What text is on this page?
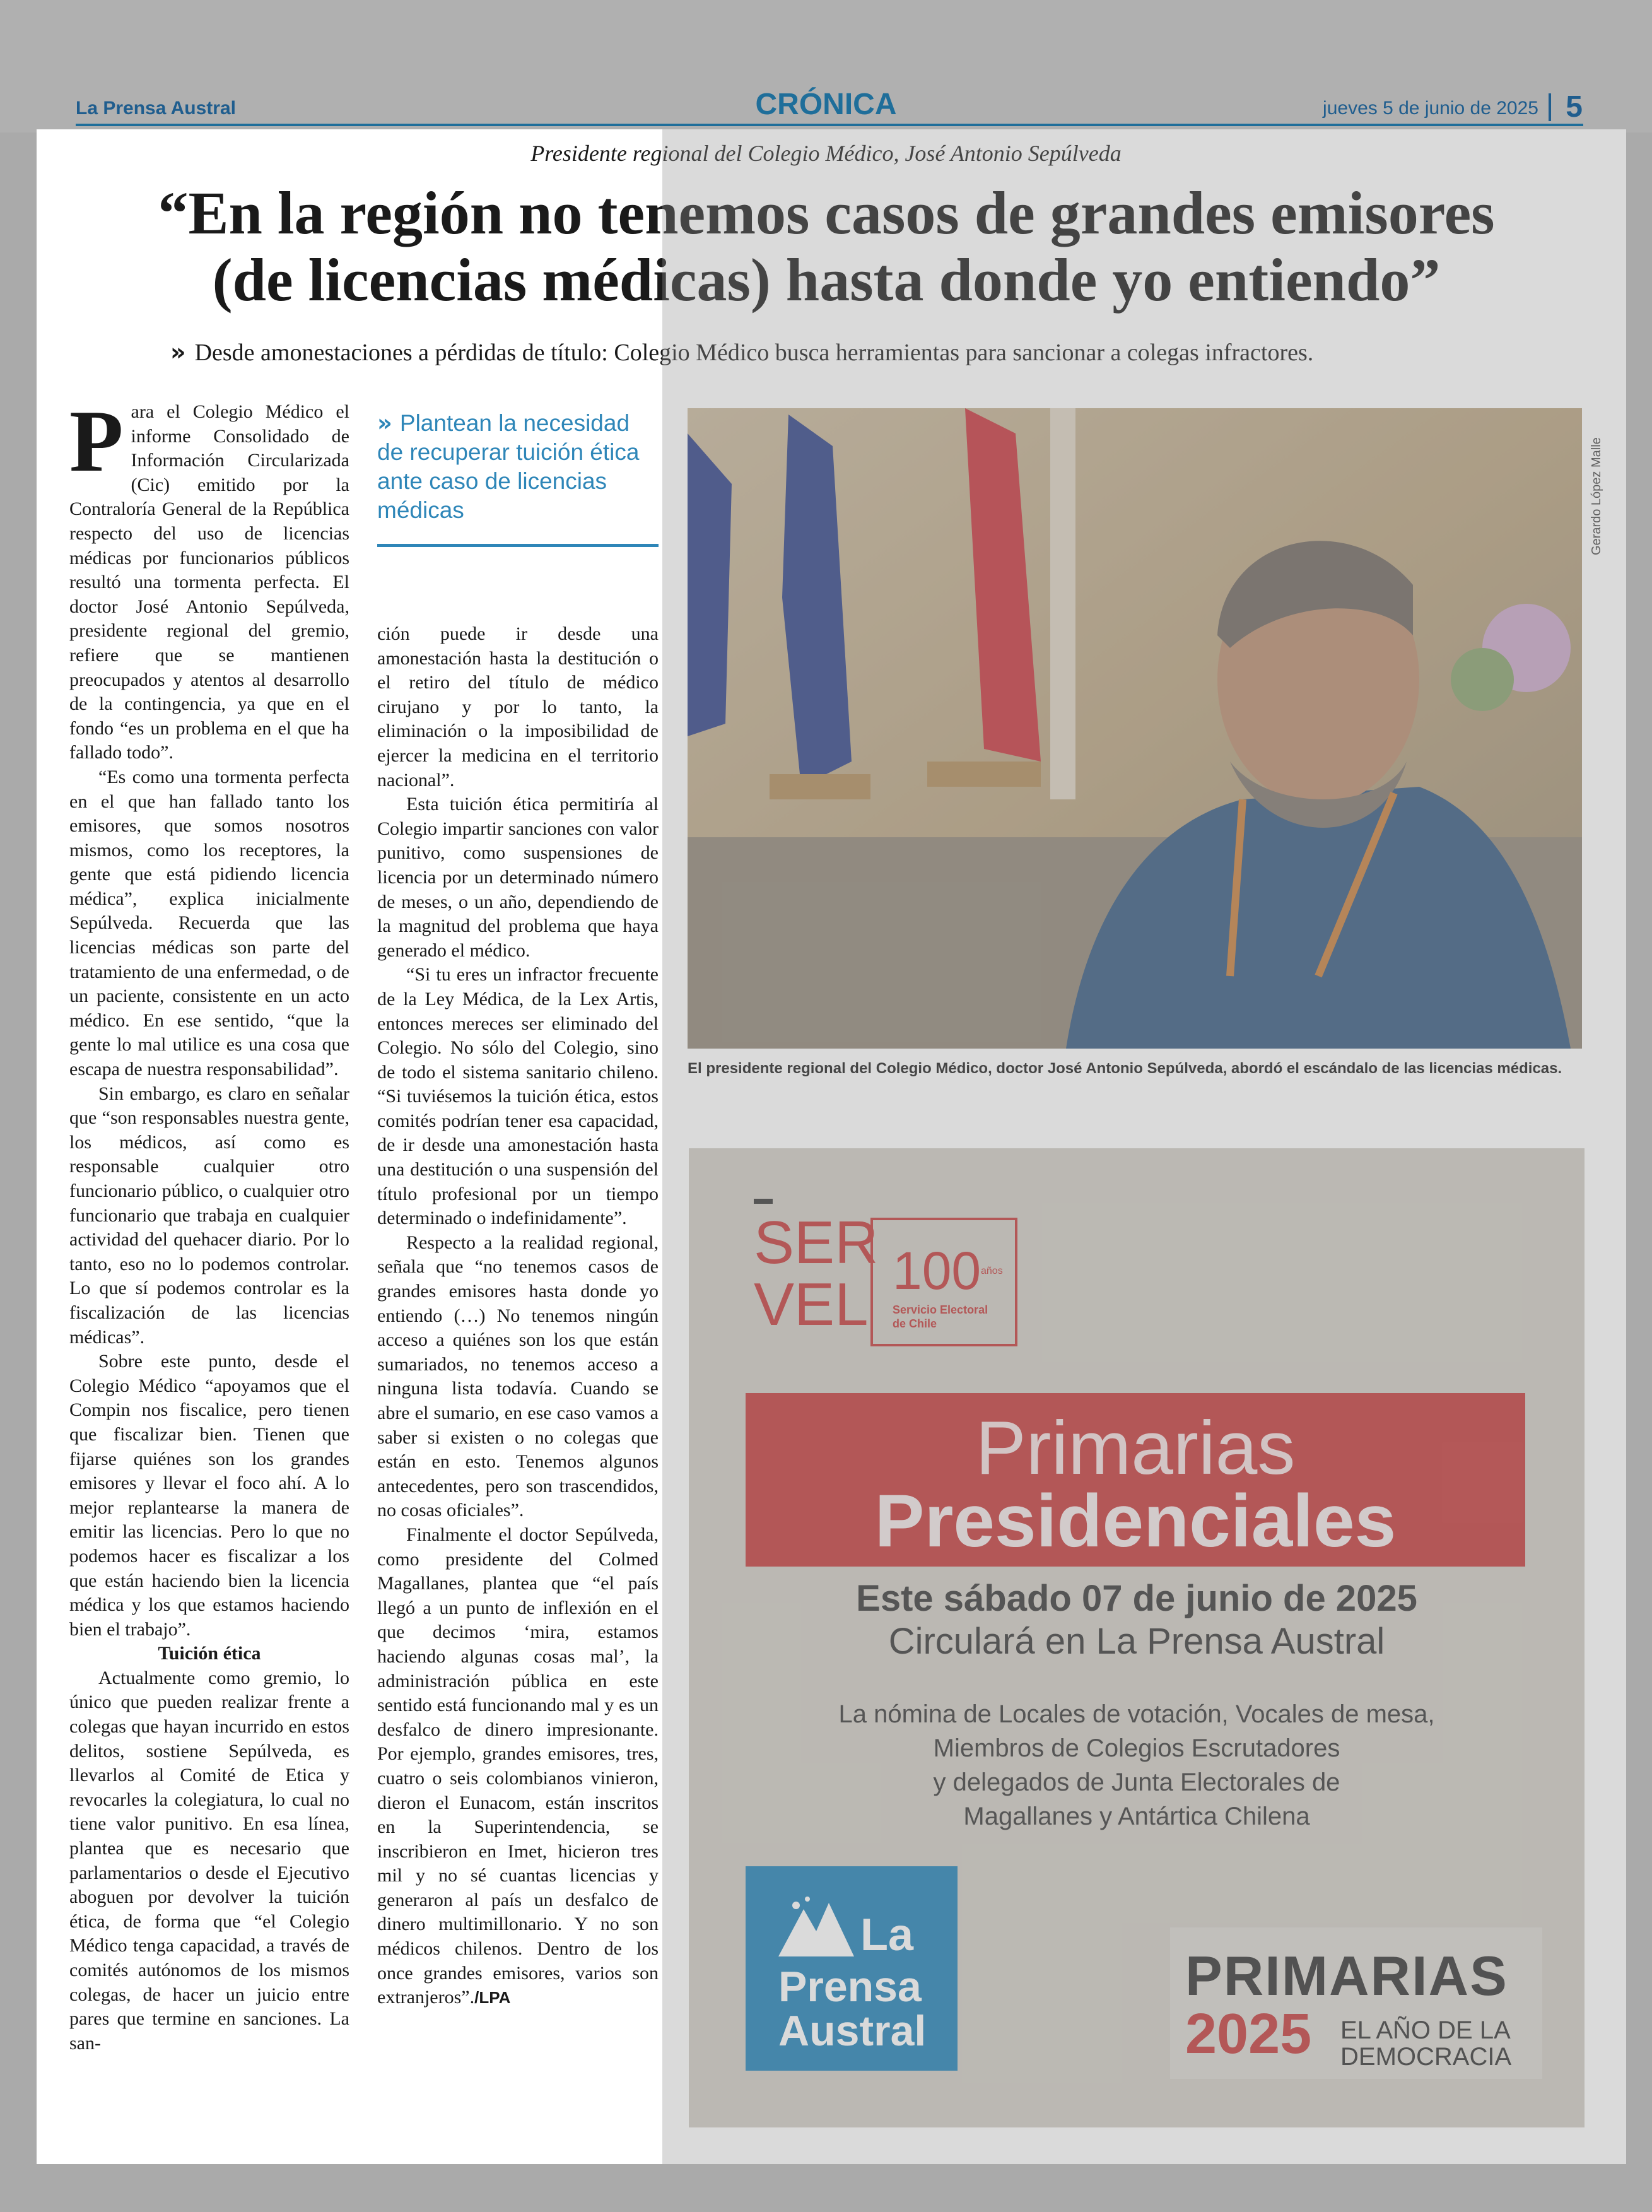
La Prensa Austral	CRÓNICA	jueves 5 de junio de 2025 5
Presidente regional del Colegio Médico, José Antonio Sepúlveda
“En la región no tenemos casos de grandes emisores
(de licencias médicas) hasta donde yo entiendo”
» Desde amonestaciones a pérdidas de título: Colegio Médico busca herramientas para sancionar a colegas infractores.

Para el Colegio Médico el informe Consolidado de Información Circularizada (Cic) emitido por la Contraloría General de la República respecto del uso de licencias médicas por funcionarios públicos resultó una tormenta perfecta. El doctor José Antonio Sepúlveda, presidente regional del gremio, refiere que se mantienen preocupados y atentos al desarrollo de la contingencia, ya que en el fondo “es un problema en el que ha fallado todo”.

“Es como una tormenta perfecta en el que han fallado tanto los emisores, que somos nosotros mismos, como los receptores, la gente que está pidiendo licencia médica”, explica inicialmente Sepúlveda. Recuerda que las licencias médicas son parte del tratamiento de una enfermedad, o de un paciente, consistente en un acto médico. En ese sentido, “que la gente lo mal utilice es una cosa que escapa de nuestra responsabilidad”.

Sin embargo, es claro en señalar que “son responsables nuestra gente, los médicos, así como es responsable cualquier otro funcionario público, o cualquier otro funcionario que trabaja en cualquier actividad del quehacer diario. Por lo tanto, eso no lo podemos controlar. Lo que sí podemos controlar es la fiscalización de las licencias médicas”.

Sobre este punto, desde el Colegio Médico “apoyamos que el Compin nos fiscalice, pero tienen que fiscalizar bien. Tienen que fijarse quiénes son los grandes emisores y llevar el foco ahí. A lo mejor replantearse la manera de emitir las licencias. Pero lo que no podemos hacer es fiscalizar a los que están haciendo bien la licencia médica y los que estamos haciendo bien el trabajo”.

Tuición ética

Actualmente como gremio, lo único que pueden realizar frente a colegas que hayan incurrido en estos delitos, sostiene Sepúlveda, es llevarlos al Comité de Etica y revocarles la colegiatura, lo cual no tiene valor punitivo. En esa línea, plantea que es necesario que parlamentarios o desde el Ejecutivo aboguen por devolver la tuición ética, de forma que “el Colegio Médico tenga capacidad, a través de comités autónomos de los mismos colegas, de hacer un juicio entre pares que termine en sanciones. La san-

» Plantean la necesidad de recuperar tuición ética ante caso de licencias médicas

ción puede ir desde una amonestación hasta la destitución o el retiro del título de médico cirujano y por lo tanto, la eliminación o la imposibilidad de ejercer la medicina en el territorio nacional”.

Esta tuición ética permitiría al Colegio impartir sanciones con valor punitivo, como suspensiones de licencia por un determinado número de meses, o un año, dependiendo de la magnitud del problema que haya generado el médico.

“Si tu eres un infractor frecuente de la Ley Médica, de la Lex Artis, entonces mereces ser eliminado del Colegio. No sólo del Colegio, sino de todo el sistema sanitario chileno. “Si tuviésemos la tuición ética, estos comités podrían tener esa capacidad, de ir desde una amonestación hasta una destitución o una suspensión del título profesional por un tiempo determinado o indefinidamente”.

Respecto a la realidad regional, señala que “no tenemos casos de grandes emisores hasta donde yo entiendo (…) No tenemos ningún acceso a quiénes son los que están sumariados, no tenemos acceso a ninguna lista todavía. Cuando se abre el sumario, en ese caso vamos a saber si existen o no colegas que están en esto. Tenemos algunos antecedentes, pero son trascendidos, no cosas oficiales”.

Finalmente el doctor Sepúlveda, como presidente del Colmed Magallanes, plantea que “el país llegó a un punto de inflexión en el que decimos ‘mira, estamos haciendo algunas cosas mal’, la administración pública en este sentido está funcionando mal y es un desfalco de dinero impresionante. Por ejemplo, grandes emisores, tres, cuatro o seis colombianos vinieron, dieron el Eunacom, están inscritos en la Superintendencia, se inscribieron en Imet, hicieron tres mil y no sé cuantas licencias y generaron al país un desfalco de dinero multimillonario. Y no son médicos chilenos. Dentro de los once grandes emisores, varios son extranjeros”./LPA

Gerardo López Malle
El presidente regional del Colegio Médico, doctor José Antonio Sepúlveda, abordó el escándalo de las licencias médicas.
SER
VEL 100 años
Servicio Electoral
de Chile
Primarias
Presidenciales
Este sábado 07 de junio de 2025
Circulará en La Prensa Austral
La nómina de Locales de votación, Vocales de mesa,
Miembros de Colegios Escrutadores
y delegados de Junta Electorales de
Magallanes y Antártica Chilena
La
Prensa
Austral
PRIMARIAS
2025 EL AÑO DE LA
DEMOCRACIA
